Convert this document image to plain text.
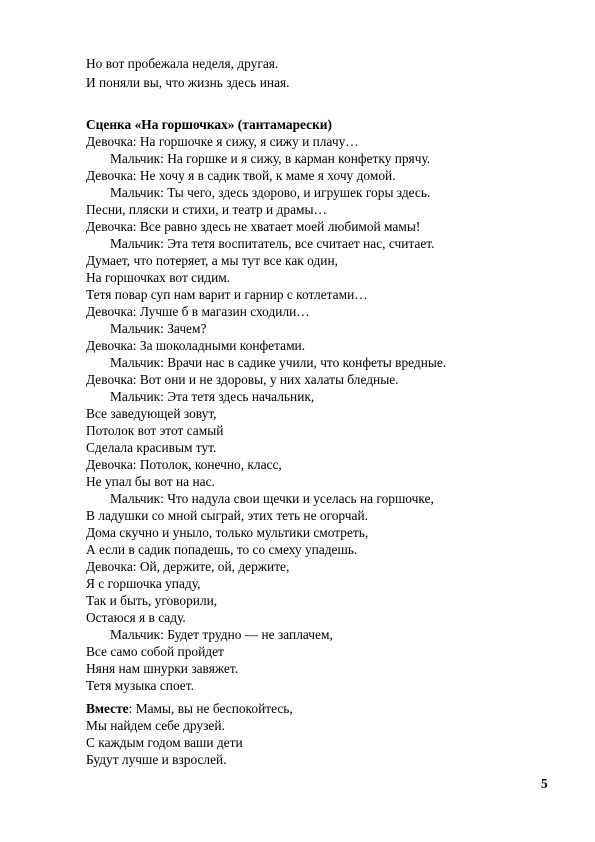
Но вот пробежала неделя, другая.
И поняли вы, что жизнь здесь иная.
Сценка «На горшочках» (тантамарески)
Девочка: На горшочке я сижу, я сижу и плачу…
Мальчик: На горшке и я сижу, в карман конфетку прячу.
Девочка: Не хочу я в садик твой, к маме я хочу домой.
Мальчик: Ты чего, здесь здорово, и игрушек горы здесь.
Песни, пляски и стихи, и театр и драмы…
Девочка: Все равно здесь не хватает моей любимой мамы!
Мальчик: Эта тетя воспитатель, все считает нас, считает.
Думает, что потеряет, а мы тут все как один,
На горшочках вот сидим.
Тетя повар суп нам варит и гарнир с котлетами…
Девочка: Лучше б в магазин сходили…
Мальчик: Зачем?
Девочка: За шоколадными конфетами.
Мальчик: Врачи нас в садике учили, что конфеты вредные.
Девочка: Вот они и не здоровы, у них халаты бледные.
Мальчик: Эта тетя здесь начальник,
Все заведующей зовут,
Потолок вот этот самый
Сделала красивым тут.
Девочка: Потолок, конечно, класс,
Не упал бы вот на нас.
Мальчик: Что надула свои щечки и уселась на горшочке,
В ладушки со мной сыграй, этих теть не огорчай.
Дома скучно и уныло, только мультики смотреть,
А если в садик попадешь, то со смеху упадешь.
Девочка: Ой, держите, ой, держите,
Я с горшочка упаду,
Так и быть, уговорили,
Остаюся я в саду.
Мальчик: Будет трудно — не заплачем,
Все само собой пройдет
Няня нам шнурки завяжет.
Тетя музыка споет.
Вместе: Мамы, вы не беспокойтесь,
Мы найдем себе друзей.
С каждым годом ваши дети
Будут лучше и взрослей.
5
